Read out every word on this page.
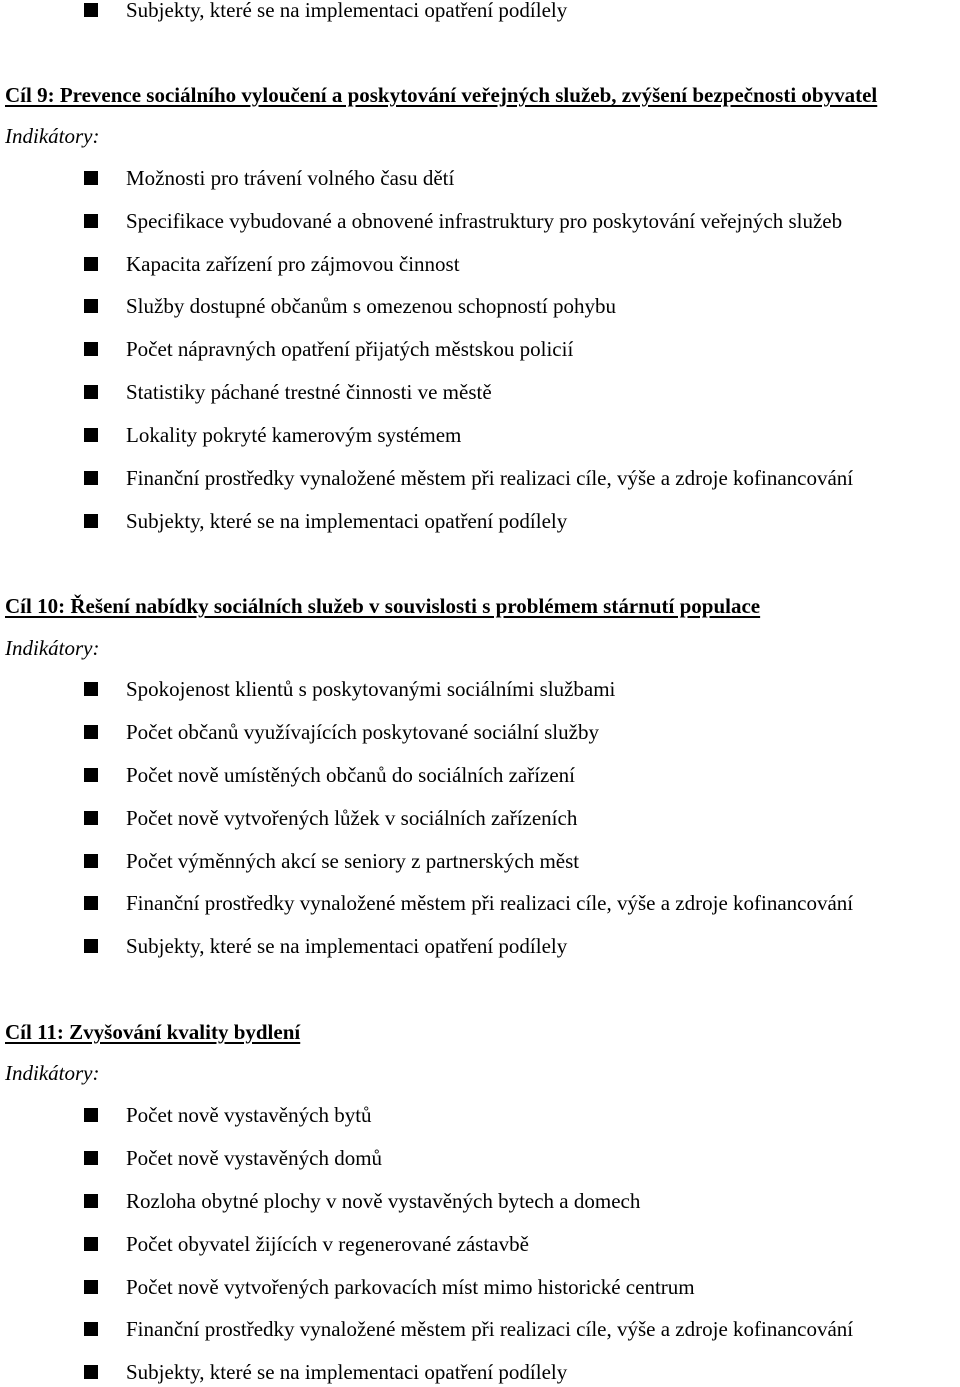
Subjekty, které se na implementaci opatření podílely
Cíl 9: Prevence sociálního vyloučení a poskytování veřejných služeb, zvýšení bezpečnosti obyvatel
Indikátory:
Možnosti pro trávení volného času dětí
Specifikace vybudované a obnovené infrastruktury pro poskytování veřejných služeb
Kapacita zařízení pro zájmovou činnost
Služby dostupné občanům s omezenou schopností pohybu
Počet nápravných opatření přijatých městskou policií
Statistiky páchané trestné činnosti ve městě
Lokality pokryté kamerovým systémem
Finanční prostředky vynaložené městem při realizaci cíle, výše a zdroje kofinancování
Subjekty, které se na implementaci opatření podílely
Cíl 10: Řešení nabídky sociálních služeb v souvislosti s problémem stárnutí populace
Indikátory:
Spokojenost klientů s poskytovanými sociálními službami
Počet občanů využívajících poskytované sociální služby
Počet nově umístěných občanů do sociálních zařízení
Počet nově vytvořených lůžek v sociálních zařízeních
Počet výměnných akcí se seniory z partnerských měst
Finanční prostředky vynaložené městem při realizaci cíle, výše a zdroje kofinancování
Subjekty, které se na implementaci opatření podílely
Cíl 11: Zvyšování kvality bydlení
Indikátory:
Počet nově vystavěných bytů
Počet nově vystavěných domů
Rozloha obytné plochy v nově vystavěných bytech a domech
Počet obyvatel žijících v regenerované zástavbě
Počet nově vytvořených parkovacích míst mimo historické centrum
Finanční prostředky vynaložené městem při realizaci cíle, výše a zdroje kofinancování
Subjekty, které se na implementaci opatření podílely
